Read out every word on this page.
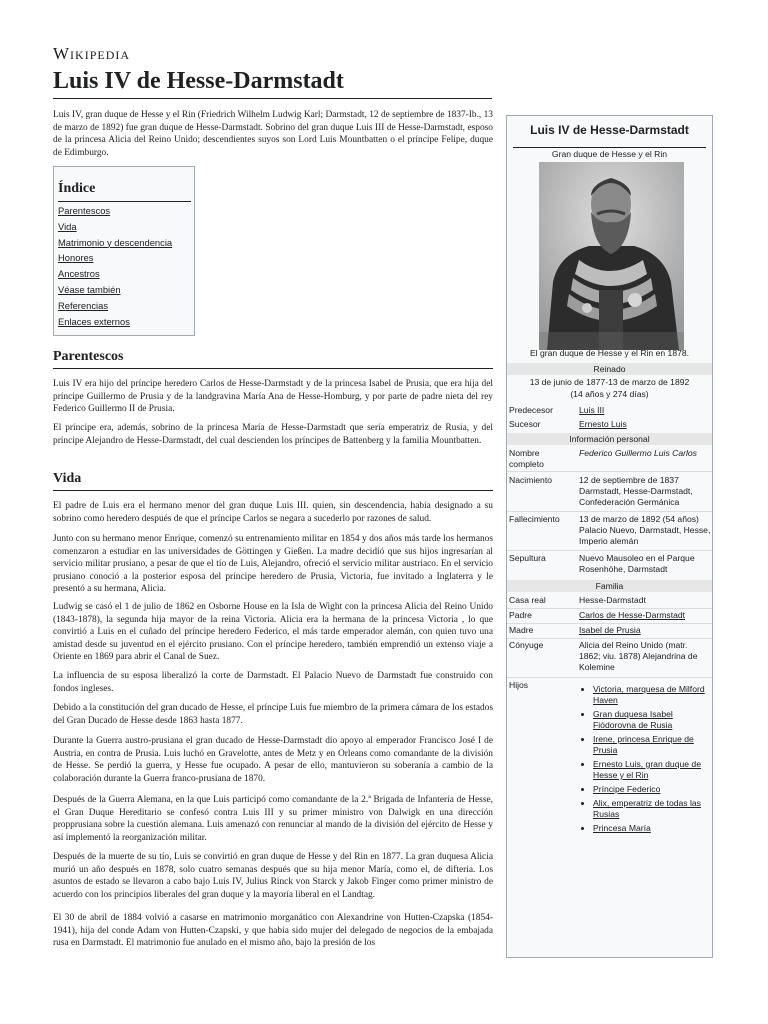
Wikipedia
Luis IV de Hesse-Darmstadt

Luis IV, gran duque de Hesse y el Rin (Friedrich Wilhelm Ludwig Karl; Darmstadt, 12 de septiembre de 1837-Ib., 13 de marzo de 1892) fue gran duque de Hesse-Darmstadt. Sobrino del gran duque Luis III de Hesse-Darmstadt, esposo de la princesa Alicia del Reino Unido; descendientes suyos son Lord Luis Mountbatten o el príncipe Felipe, duque de Edimburgo.

Índice
Parentescos
Vida
Matrimonio y descendencia
Honores
Ancestros
Véase también
Referencias
Enlaces externos
Parentescos

Luis IV era hijo del príncipe heredero Carlos de Hesse-Darmstadt y de la princesa Isabel de Prusia, que era hija del príncipe Guillermo de Prusia y de la landgravina María Ana de Hesse-Homburg, y por parte de padre nieta del rey Federico Guillermo II de Prusia.

El príncipe era, además, sobrino de la princesa María de Hesse-Darmstadt que sería emperatriz de Rusia, y del príncipe Alejandro de Hesse-Darmstadt, del cual descienden los príncipes de Battenberg y la familia Mountbatten.

Vida

El padre de Luis era el hermano menor del gran duque Luis III. quien, sin descendencia, había designado a su sobrino como heredero después de que el príncipe Carlos se negara a sucederlo por razones de salud.

Junto con su hermano menor Enrique, comenzó su entrenamiento militar en 1854 y dos años más tarde los hermanos comenzaron a estudiar en las universidades de Göttingen y Gießen. La madre decidió que sus hijos ingresarían al servicio militar prusiano, a pesar de que el tío de Luis, Alejandro, ofreció el servicio militar austriaco. En el servicio prusiano conoció a la posterior esposa del príncipe heredero de Prusia, Victoria, fue invitado a Inglaterra y le presentó a su hermana, Alicia.

Ludwig se casó el 1 de julio de 1862 en Osborne House en la Isla de Wight con la princesa Alicia del Reino Unido (1843-1878), la segunda hija mayor de la reina Victoria. Alicia era la hermana de la princesa Victoria , lo que convirtió a Luis en el cuñado del príncipe heredero Federico, el más tarde emperador alemán, con quien tuvo una amistad desde su juventud en el ejército prusiano. Con el príncipe heredero, también emprendió un extenso viaje a Oriente en 1869 para abrir el Canal de Suez.

La influencia de su esposa liberalizó la corte de Darmstadt. El Palacio Nuevo de Darmstadt fue construido con fondos ingleses.

Debido a la constitución del gran ducado de Hesse, el príncipe Luis fue miembro de la primera cámara de los estados del Gran Ducado de Hesse desde 1863 hasta 1877.

Durante la Guerra austro-prusiana el gran ducado de Hesse-Darmstadt dio apoyo al emperador Francisco José I de Austria, en contra de Prusia. Luis luchó en Gravelotte, antes de Metz y en Orleans como comandante de la división de Hesse. Se perdió la guerra, y Hesse fue ocupado. A pesar de ello, mantuvieron su soberanía a cambio de la colaboración durante la Guerra franco-prusiana de 1870.

Después de la Guerra Alemana, en la que Luis participó como comandante de la 2.ª Brigada de Infantería de Hesse, el Gran Duque Hereditario se confesó contra Luis III y su primer ministro von Dalwigk en una dirección propprusiana sobre la cuestión alemana. Luis amenazó con renunciar al mando de la división del ejército de Hesse y así implementó la reorganización militar.

Después de la muerte de su tío, Luis se convirtió en gran duque de Hesse y del Rin en 1877. La gran duquesa Alicia murió un año después en 1878, solo cuatro semanas después que su hija menor María, como el, de difteria. Los asuntos de estado se llevaron a cabo bajo Luis IV, Julius Rinck von Starck y Jakob Finger como primer ministro de acuerdo con los principios liberales del gran duque y la mayoría liberal en el Landtag.

El 30 de abril de 1884 volvió a casarse en matrimonio morganático con Alexandrine von Hutten-Czapska (1854-1941), hija del conde Adam von Hutten-Czapski, y que había sido mujer del delegado de negocios de la embajada rusa en Darmstadt. El matrimonio fue anulado en el mismo año, bajo la presión de los

Luis IV de Hesse-Darmstadt
Gran duque de Hesse y el Rin
El gran duque de Hesse y el Rin en 1878.
Reinado
13 de junio de 1877-13 de marzo de 1892
(14 años y 274 días)
Predecesor	Luis III
Sucesor	Ernesto Luis
Información personal
Nombre completo
Federico Guillermo Luis Carlos
Nacimiento	12 de septiembre de 1837 Darmstadt, Hesse-Darmstadt, Confederación Germánica
Fallecimiento	13 de marzo de 1892 (54 años) Palacio Nuevo, Darmstadt, Hesse, Imperio alemán
Sepultura	Nuevo Mausoleo en el Parque Rosenhöhe, Darmstadt
Familia
Casa real	Hesse-Darmstadt
Padre	Carlos de Hesse-Darmstadt
Madre	Isabel de Prusia
Cónyuge	Alicia del Reino Unido (matr. 1862; viu. 1878) Alejandrina de Kolemine
Hijos
•	Victoria, marquesa de Milford Haven
• Gran duquesa Isabel Fiódorovna de Rusia
• Irene, princesa Enrique de Prusia
• Ernesto Luis, gran duque de Hesse y el Rin
• Príncipe Federico
• Alix, emperatriz de todas las Rusias
• Princesa María
